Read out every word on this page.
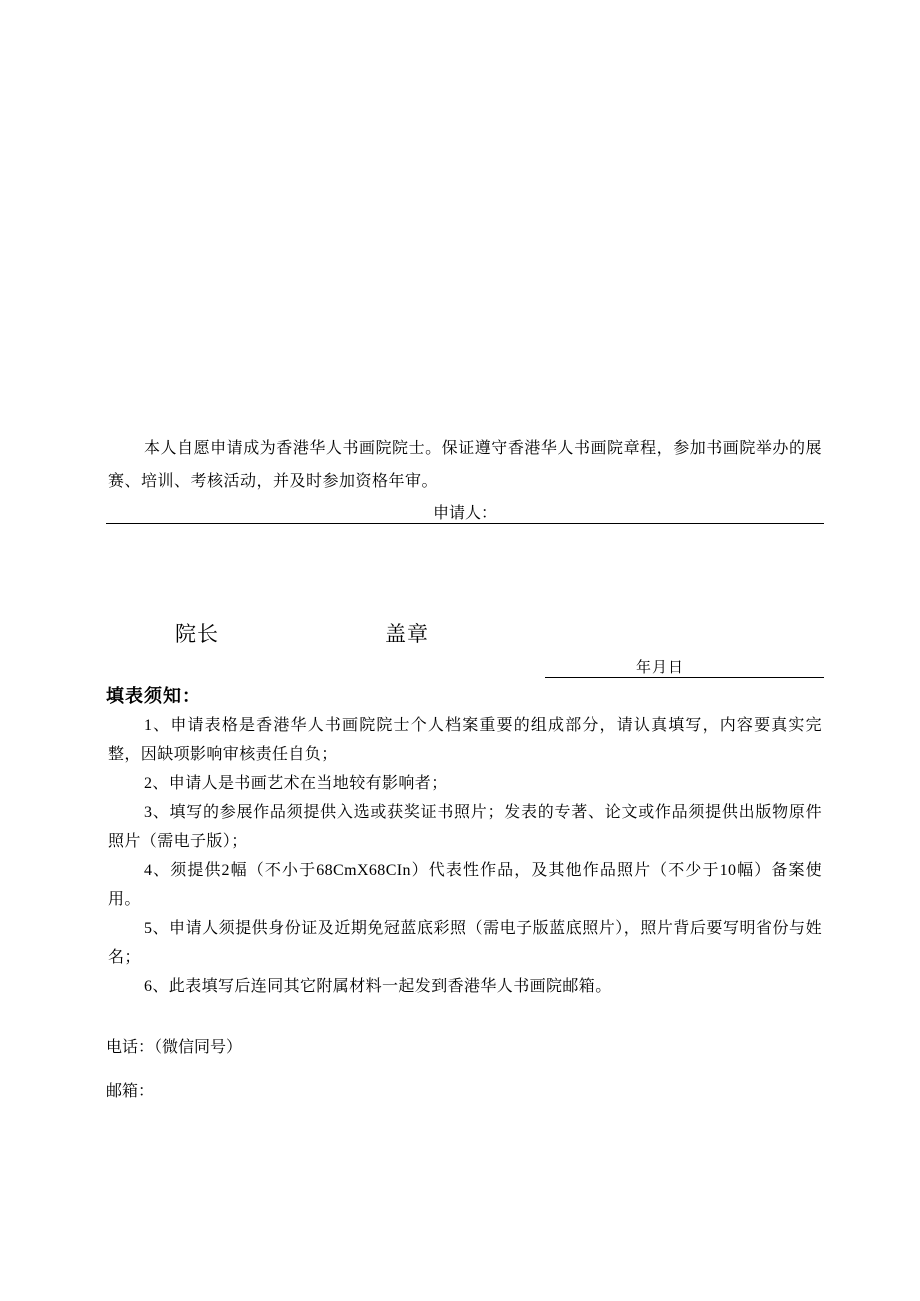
本人自愿申请成为香港华人书画院院士。保证遵守香港华人书画院章程，参加书画院举办的展赛、培训、考核活动，并及时参加资格年审。

申请人：
院长	盖章
年月日
填表须知：

1、申请表格是香港华人书画院院士个人档案重要的组成部分，请认真填写，内容要真实完整，因缺项影响审核责任自负；

2、申请人是书画艺术在当地较有影响者；

3、填写的参展作品须提供入选或获奖证书照片；发表的专著、论文或作品须提供出版物原件照片（需电子版）；

4、须提供2幅（不小于68CmX68CIn）代表性作品，及其他作品照片（不少于10幅）备案使用。

5、申请人须提供身份证及近期免冠蓝底彩照（需电子版蓝底照片），照片背后要写明省份与姓名；

6、此表填写后连同其它附属材料一起发到香港华人书画院邮箱。

电话：（微信同号）

邮箱：
